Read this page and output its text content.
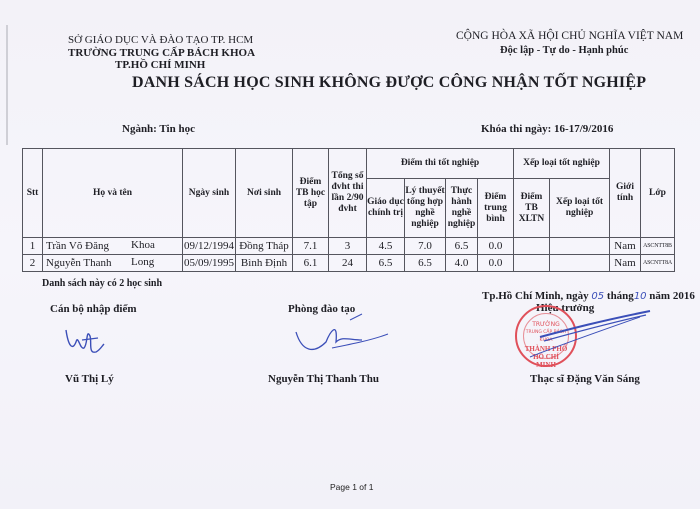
SỞ GIÁO DỤC VÀ ĐÀO TẠO TP. HCM
TRƯỜNG TRUNG CẤP BÁCH KHOA
TP.HỒ CHÍ MINH
CỘNG HÒA XÃ HỘI CHỦ NGHĨA VIỆT NAM
Độc lập - Tự do - Hạnh phúc
DANH SÁCH HỌC SINH KHÔNG ĐƯỢC CÔNG NHẬN TỐT NGHIỆP
Ngành: Tin học	Khóa thi ngày: 16-17/9/2016
Stt	Họ và tên	Ngày sinh	Nơi sinh	Điểm TB học tập	Tổng số đvht thi lần 2/90 đvht	Điểm thi tốt nghiệp				Xếp loại tốt nghiệp		Giới tính	Lớp
						Giáo dục chính trị	Lý thuyết tổng hợp nghề nghiệp	Thực hành nghề nghiệp	Điểm trung bình	Điểm TB XLTN	Xếp loại tốt nghiệp		
1	Trần Võ Đăng Khoa	09/12/1994	Đồng Tháp	7.1	3	4.5	7.0	6.5	0.0			Nam	ASCNTT8B
2	Nguyễn Thanh Long	05/09/1995	Bình Định	6.1	24	6.5	6.5	4.0	0.0			Nam	ASCNTT8A
Danh sách này có 2 học sinh
Cán bộ nhập điểm
Vũ Thị Lý
Phòng đào tạo
Nguyễn Thị Thanh Thu
Tp.Hồ Chí Minh, ngày 05 tháng10 năm 2016
Hiệu trưởng
TRƯỜNG
TRUNG CẤP BÁCH KHOA
THÀNH PHỐ
HỒ CHÍ MINH
Thạc sĩ Đặng Văn Sáng
Page 1 of 1
